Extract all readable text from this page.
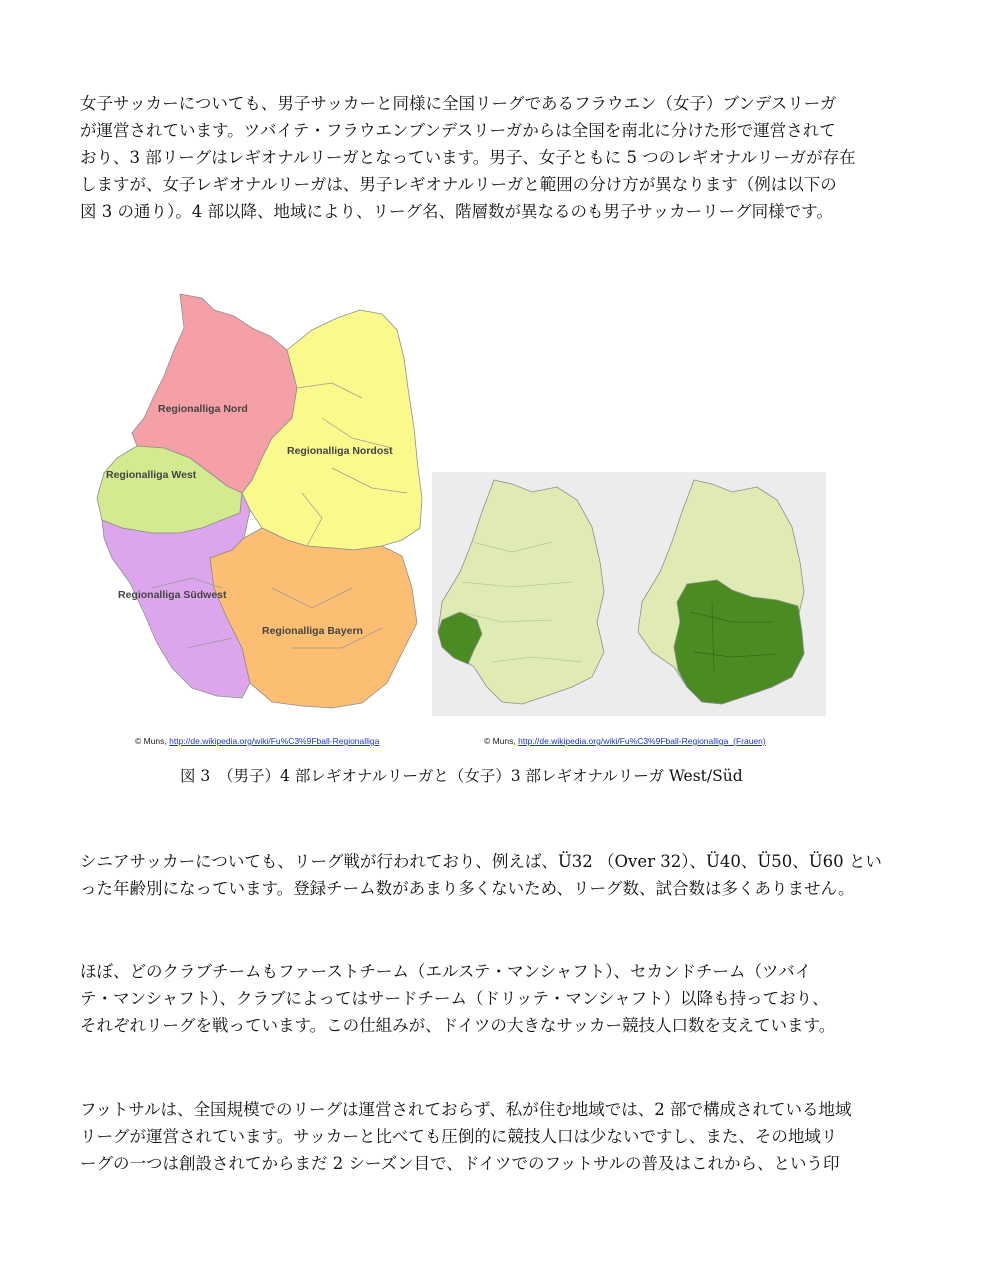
女子サッカーについても、男子サッカーと同様に全国リーグであるフラウエン（女子）ブンデスリーガ
が運営されています。ツバイテ・フラウエンブンデスリーガからは全国を南北に分けた形で運営されて
おり、3 部リーグはレギオナルリーガとなっています。男子、女子ともに 5 つのレギオナルリーガが存在
しますが、女子レギオナルリーガは、男子レギオナルリーガと範囲の分け方が異なります（例は以下の
図 3 の通り）。4 部以降、地域により、リーグ名、階層数が異なるのも男子サッカーリーグ同様です。
Regionalliga Nord
Regionalliga Nordost
Regionalliga West
Regionalliga Südwest
Regionalliga Bayern
© Muns, http://de.wikipedia.org/wiki/Fu%C3%9Fball-Regionalliga	© Muns, http://de.wikipedia.org/wiki/Fu%C3%9Fball-Regionalliga_(Frauen)
図 3　（男子）4 部レギオナルリーガと（女子）3 部レギオナルリーガ West/Süd
シニアサッカーについても、リーグ戦が行われており、例えば、Ü32 （Over 32）、Ü40、Ü50、Ü60 とい
った年齢別になっています。登録チーム数があまり多くないため、リーグ数、試合数は多くありません。
ほぼ、どのクラブチームもファーストチーム（エルステ・マンシャフト）、セカンドチーム（ツバイ
テ・マンシャフト）、クラブによってはサードチーム（ドリッテ・マンシャフト）以降も持っており、
それぞれリーグを戦っています。この仕組みが、ドイツの大きなサッカー競技人口数を支えています。
フットサルは、全国規模でのリーグは運営されておらず、私が住む地域では、2 部で構成されている地域
リーグが運営されています。サッカーと比べても圧倒的に競技人口は少ないですし、また、その地域リ
ーグの一つは創設されてからまだ 2 シーズン目で、ドイツでのフットサルの普及はこれから、という印
